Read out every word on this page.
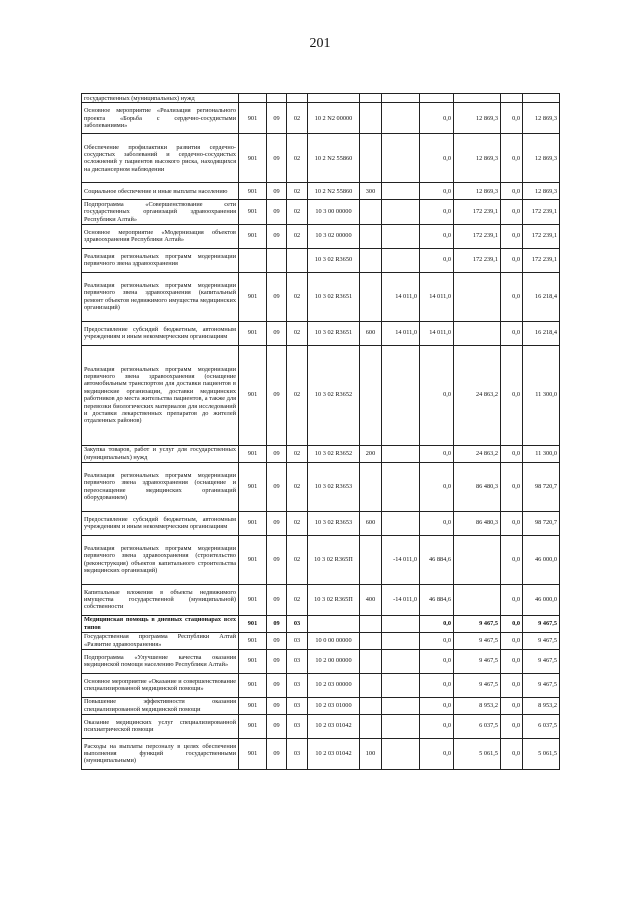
201
государственных (муниципальных) нужд										
Основное мероприятие «Реализация регионального проекта «Борьба с сердечно-сосудистыми заболеваниями»	901	09	02	10 2 N2 00000			0,0	12 869,3	0,0	12 869,3
Обеспечение профилактики развития сердечно-сосудистых заболеваний и сердечно-сосудистых осложнений у пациентов высокого риска, находящихся на диспансерном наблюдении	901	09	02	10 2 N2 55860			0,0	12 869,3	0,0	12 869,3
Социальное обеспечение и иные выплаты населению	901	09	02	10 2 N2 55860	300		0,0	12 869,3	0,0	12 869,3
Подпрограмма «Совершенствование сети государственных организаций здравоохранения Республики Алтай»	901	09	02	10 3 00 00000			0,0	172 239,1	0,0	172 239,1
Основное мероприятие «Модернизация объектов здравоохранения Республики Алтай»	901	09	02	10 3 02 00000			0,0	172 239,1	0,0	172 239,1
Реализация региональных программ модернизации первичного звена здравоохранения				10 3 02 R3650			0,0	172 239,1	0,0	172 239,1
Реализация региональных программ модернизации первичного звена здравоохранения (капитальный ремонт объектов недвижимого имущества медицинских организаций)	901	09	02	10 3 02 R3651		14 011,0	14 011,0		0,0	16 218,4
Предоставление субсидий бюджетным, автономным учреждениям и иным некоммерческим организациям	901	09	02	10 3 02 R3651	600	14 011,0	14 011,0		0,0	16 218,4
Реализация региональных программ модернизации первичного звена здравоохранения (оснащение автомобильным транспортом для доставки пациентов в медицинские организации, доставки медицинских работников до места жительства пациентов, а также для перевозки биологических материалов для исследований и доставки лекарственных препаратов до жителей отдаленных районов)	901	09	02	10 3 02 R3652			0,0	24 863,2	0,0	11 300,0
Закупка товаров, работ и услуг для государственных (муниципальных) нужд	901	09	02	10 3 02 R3652	200		0,0	24 863,2	0,0	11 300,0
Реализация региональных программ модернизации первичного звена здравоохранения (оснащение и переоснащение медицинских организаций оборудованием)	901	09	02	10 3 02 R3653			0,0	86 480,3	0,0	98 720,7
Предоставление субсидий бюджетным, автономным учреждениям и иным некоммерческим организациям	901	09	02	10 3 02 R3653	600		0,0	86 480,3	0,0	98 720,7
Реализация региональных программ модернизации первичного звена здравоохранения (строительство (реконструкция) объектов капитального строительства медицинских организаций)	901	09	02	10 3 02 R365П		-14 011,0	46 884,6		0,0	46 000,0
Капитальные вложения в объекты недвижимого имущества государственной (муниципальной) собственности	901	09	02	10 3 02 R365П	400	-14 011,0	46 884,6		0,0	46 000,0
Медицинская помощь в дневных стационарах всех типов	901	09	03				0,0	9 467,5	0,0	9 467,5
Государственная программа Республики Алтай «Развитие здравоохранения»	901	09	03	10 0 00 00000			0,0	9 467,5	0,0	9 467,5
Подпрограмма «Улучшение качества оказания медицинской помощи населению Республики Алтай»	901	09	03	10 2 00 00000			0,0	9 467,5	0,0	9 467,5
Основное мероприятие «Оказание и совершенствование специализированной медицинской помощи»	901	09	03	10 2 03 00000			0,0	9 467,5	0,0	9 467,5
Повышение эффективности оказания специализированной медицинской помощи	901	09	03	10 2 03 01000			0,0	8 953,2	0,0	8 953,2
Оказание медицинских услуг специализированной психиатрической помощи	901	09	03	10 2 03 01042			0,0	6 037,5	0,0	6 037,5
Расходы на выплаты персоналу в целях обеспечения выполнения функций государственными (муниципальными)	901	09	03	10 2 03 01042	100		0,0	5 061,5	0,0	5 061,5
